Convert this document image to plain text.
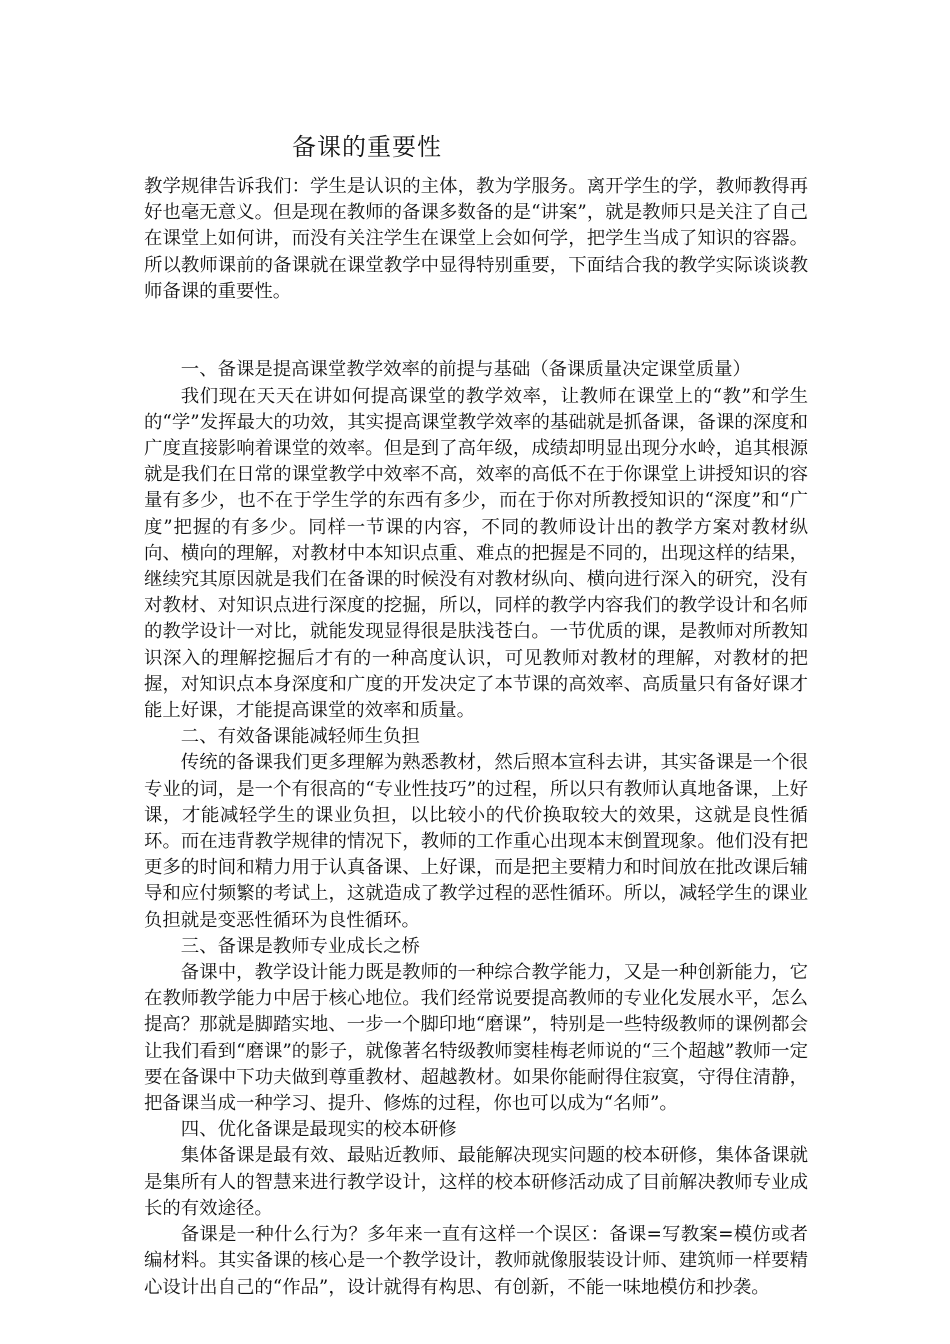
备课的重要性

教学规律告诉我们：学生是认识的主体，教为学服务。离开学生的学，教师教得再好也毫无意义。但是现在教师的备课多数备的是“讲案”，就是教师只是关注了自己在课堂上如何讲，而没有关注学生在课堂上会如何学，把学生当成了知识的容器。所以教师课前的备课就在课堂教学中显得特别重要，下面结合我的教学实际谈谈教师备课的重要性。

一、备课是提高课堂教学效率的前提与基础（备课质量决定课堂质量）

我们现在天天在讲如何提高课堂的教学效率，让教师在课堂上的“教”和学生的“学”发挥最大的功效，其实提高课堂教学效率的基础就是抓备课，备课的深度和广度直接影响着课堂的效率。但是到了高年级，成绩却明显出现分水岭，追其根源就是我们在日常的课堂教学中效率不高，效率的高低不在于你课堂上讲授知识的容量有多少，也不在于学生学的东西有多少，而在于你对所教授知识的“深度”和“广度”把握的有多少。同样一节课的内容，不同的教师设计出的教学方案对教材纵向、横向的理解，对教材中本知识点重、难点的把握是不同的，出现这样的结果，继续究其原因就是我们在备课的时候没有对教材纵向、横向进行深入的研究，没有对教材、对知识点进行深度的挖掘，所以，同样的教学内容我们的教学设计和名师的教学设计一对比，就能发现显得很是肤浅苍白。一节优质的课，是教师对所教知识深入的理解挖掘后才有的一种高度认识，可见教师对教材的理解，对教材的把握，对知识点本身深度和广度的开发决定了本节课的高效率、高质量只有备好课才能上好课，才能提高课堂的效率和质量。

二、有效备课能减轻师生负担

传统的备课我们更多理解为熟悉教材，然后照本宣科去讲，其实备课是一个很专业的词，是一个有很高的“专业性技巧”的过程，所以只有教师认真地备课，上好课，才能减轻学生的课业负担，以比较小的代价换取较大的效果，这就是良性循环。而在违背教学规律的情况下，教师的工作重心出现本末倒置现象。他们没有把更多的时间和精力用于认真备课、上好课，而是把主要精力和时间放在批改课后辅导和应付频繁的考试上，这就造成了教学过程的恶性循环。所以，减轻学生的课业负担就是变恶性循环为良性循环。

三、备课是教师专业成长之桥

备课中，教学设计能力既是教师的一种综合教学能力，又是一种创新能力，它在教师教学能力中居于核心地位。我们经常说要提高教师的专业化发展水平，怎么提高？那就是脚踏实地、一步一个脚印地“磨课”，特别是一些特级教师的课例都会让我们看到“磨课”的影子，就像著名特级教师窦桂梅老师说的“三个超越”教师一定要在备课中下功夫做到尊重教材、超越教材。如果你能耐得住寂寞，守得住清静，把备课当成一种学习、提升、修炼的过程，你也可以成为“名师”。

四、优化备课是最现实的校本研修

集体备课是最有效、最贴近教师、最能解决现实问题的校本研修，集体备课就是集所有人的智慧来进行教学设计，这样的校本研修活动成了目前解决教师专业成长的有效途径。

备课是一种什么行为？多年来一直有这样一个误区：备课=写教案=模仿或者编材料。其实备课的核心是一个教学设计，教师就像服装设计师、建筑师一样要精心设计出自己的“作品”，设计就得有构思、有创新，不能一味地模仿和抄袭。
